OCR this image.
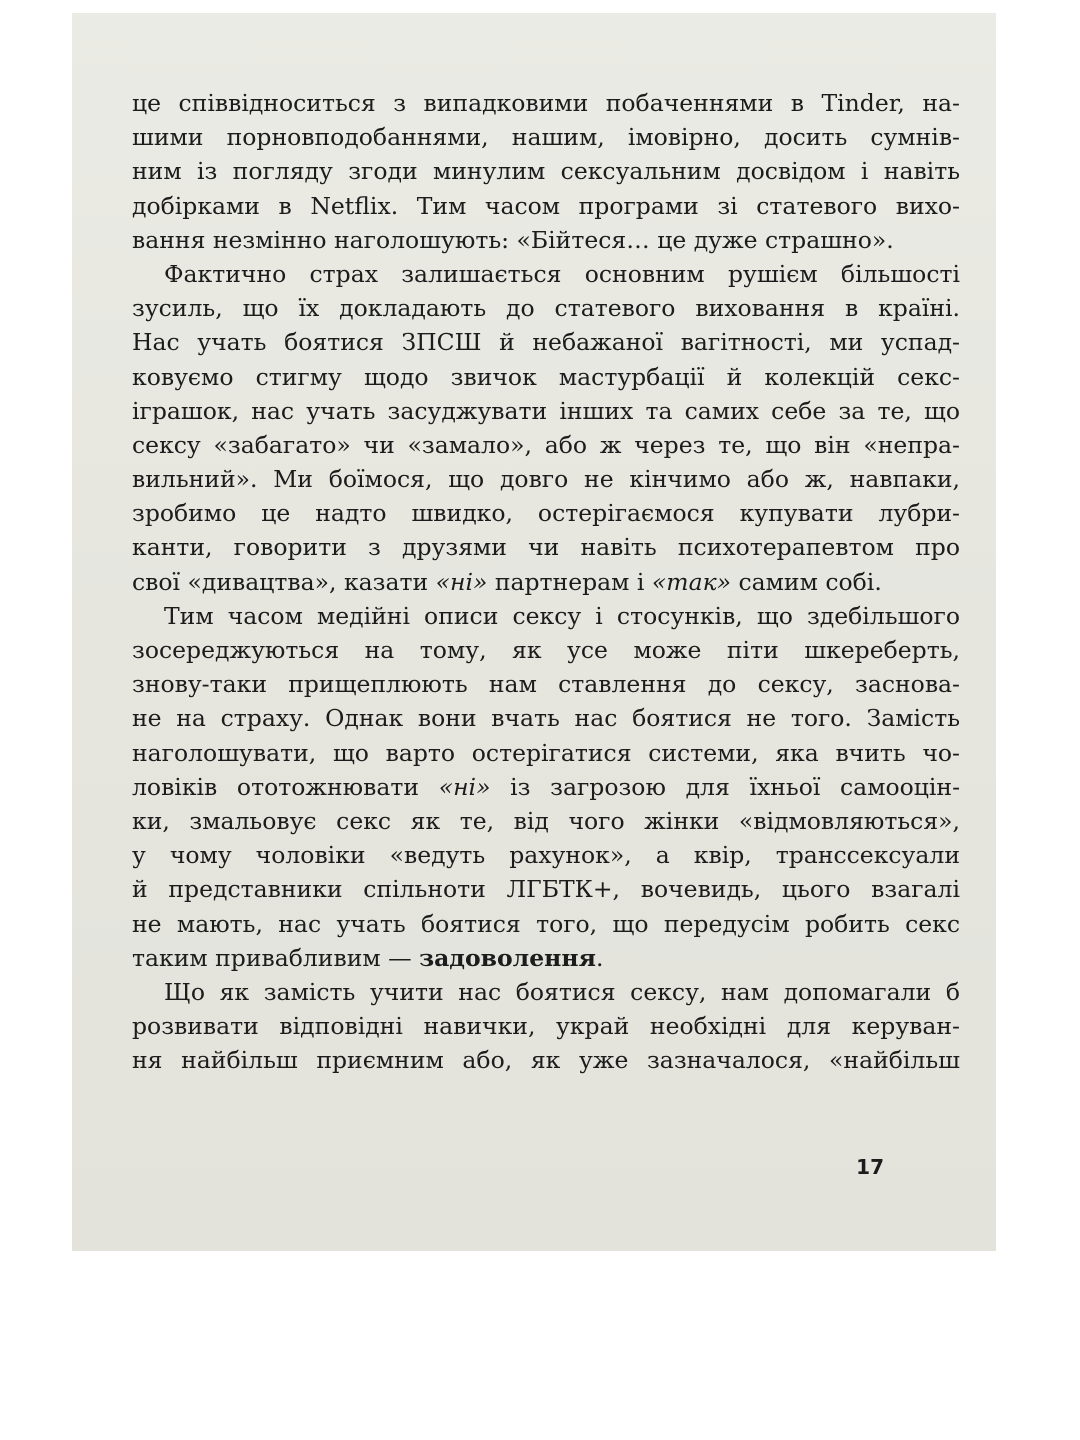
це співвідноситься з випадковими побаченнями в Tinder, на-
шими порновподобаннями, нашим, імовірно, досить сумнів-
ним із погляду згоди минулим сексуальним досвідом і навіть
добірками в Netflix. Тим часом програми зі статевого вихо-
вання незмінно наголошують: «Бійтеся… це дуже страшно».
Фактично страх залишається основним рушієм більшості
зусиль, що їх докладають до статевого виховання в країні.
Нас учать боятися ЗПСШ й небажаної вагітності, ми успад-
ковуємо стигму щодо звичок мастурбації й колекцій секс-
іграшок, нас учать засуджувати інших та самих себе за те, що
сексу «забагато» чи «замало», або ж через те, що він «непра-
вильний». Ми боїмося, що довго не кінчимо або ж, навпаки,
зробимо це надто швидко, остерігаємося купувати лубри-
канти, говорити з друзями чи навіть психотерапевтом про
свої «дивацтва», казати «ні» партнерам і «так» самим собі.
Тим часом медійні описи сексу і стосунків, що здебільшого
зосереджуються на тому, як усе може піти шкереберть,
знову-таки прищеплюють нам ставлення до сексу, заснова-
не на страху. Однак вони вчать нас боятися не того. Замість
наголошувати, що варто остерігатися системи, яка вчить чо-
ловіків ототожнювати «ні» із загрозою для їхньої самооцін-
ки, змальовує секс як те, від чого жінки «відмовляються»,
у чому чоловіки «ведуть рахунок», а квір, транссексуали
й представники спільноти ЛГБТК+, вочевидь, цього взагалі
не мають, нас учать боятися того, що передусім робить секс
таким привабливим — задоволення.
Що як замість учити нас боятися сексу, нам допомагали б
розвивати відповідні навички, украй необхідні для керуван-
ня найбільш приємним або, як уже зазначалося, «найбільш
17
